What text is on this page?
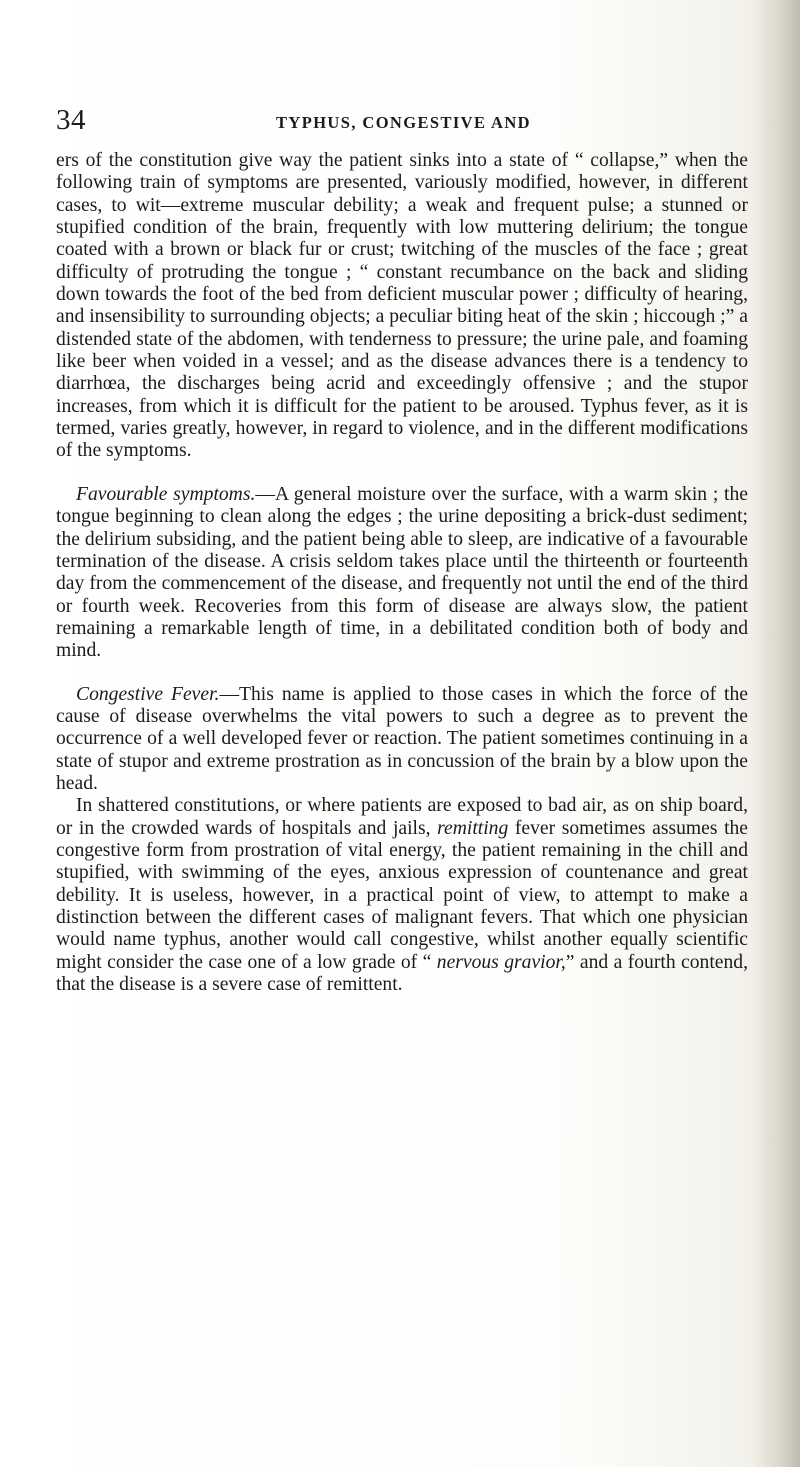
34	TYPHUS, CONGESTIVE AND

ers of the constitution give way the patient sinks into a state of “ collapse,” when the following train of symptoms are presented, variously modified, however, in different cases, to wit—extreme muscular debility; a weak and frequent pulse; a stunned or stupified condition of the brain, frequently with low muttering delirium; the tongue coated with a brown or black fur or crust; twitching of the muscles of the face ; great difficulty of protruding the tongue ; “ constant recumbance on the back and sliding down towards the foot of the bed from deficient muscular power ; difficulty of hearing, and insensibility to surrounding objects; a peculiar biting heat of the skin ; hiccough ;” a distended state of the abdomen, with tenderness to pressure; the urine pale, and foaming like beer when voided in a vessel; and as the disease advances there is a tendency to diarrhœa, the discharges being acrid and exceedingly offensive ; and the stupor increases, from which it is difficult for the patient to be aroused. Typhus fever, as it is termed, varies greatly, however, in regard to violence, and in the different modifications of the symptoms.

Favourable symptoms.—A general moisture over the surface, with a warm skin ; the tongue beginning to clean along the edges ; the urine depositing a brick-dust sediment; the delirium subsiding, and the patient being able to sleep, are indicative of a favourable termination of the disease. A crisis seldom takes place until the thirteenth or fourteenth day from the commencement of the disease, and frequently not until the end of the third or fourth week. Recoveries from this form of disease are always slow, the patient remaining a remarkable length of time, in a debilitated condition both of body and mind.

Congestive Fever.—This name is applied to those cases in which the force of the cause of disease overwhelms the vital powers to such a degree as to prevent the occurrence of a well developed fever or reaction. The patient sometimes continuing in a state of stupor and extreme prostration as in concussion of the brain by a blow upon the head.

In shattered constitutions, or where patients are exposed to bad air, as on ship board, or in the crowded wards of hospitals and jails, remitting fever sometimes assumes the congestive form from prostration of vital energy, the patient remaining in the chill and stupified, with swimming of the eyes, anxious expression of countenance and great debility. It is useless, however, in a practical point of view, to attempt to make a distinction between the different cases of malignant fevers. That which one physician would name typhus, another would call congestive, whilst another equally scientific might consider the case one of a low grade of “ nervous gravior,” and a fourth contend, that the disease is a severe case of remittent.
